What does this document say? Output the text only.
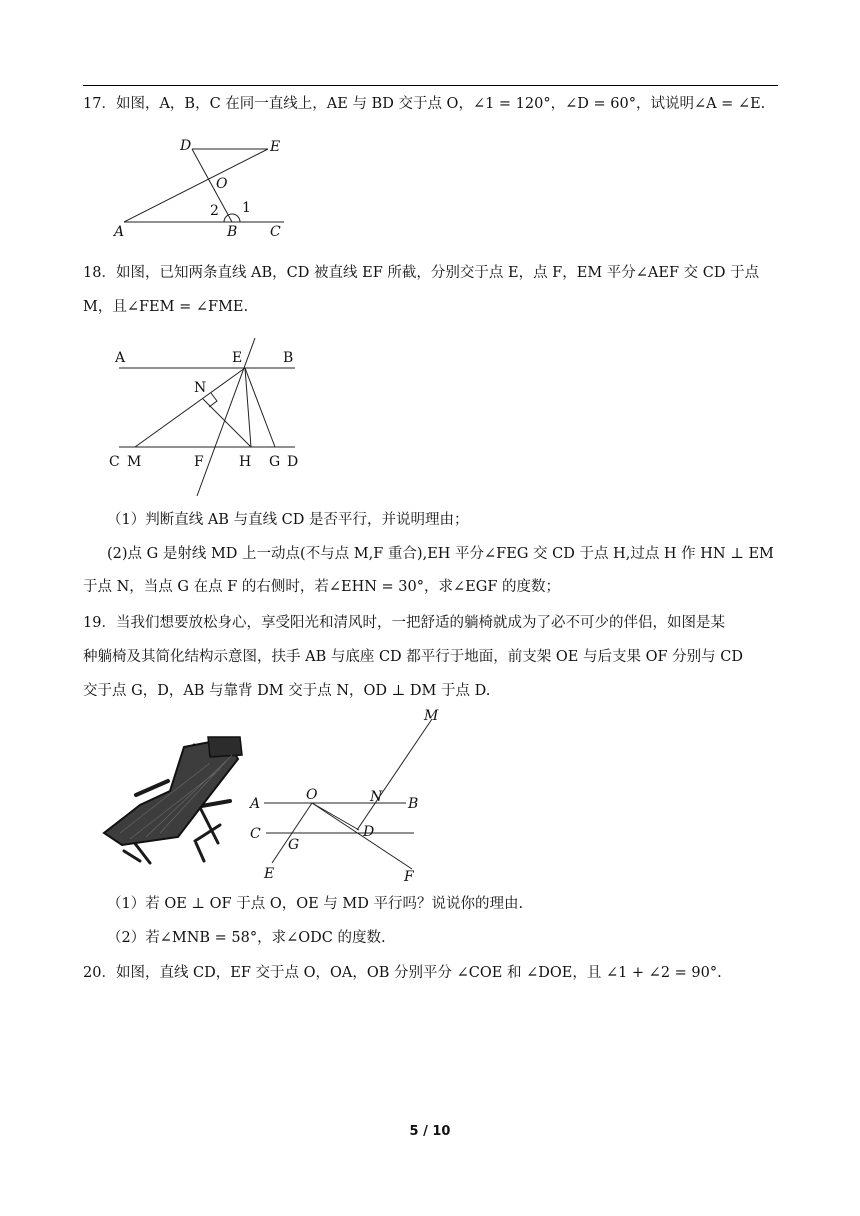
17．如图，A，B，C 在同一直线上，AE 与 BD 交于点 O，∠1 = 120°，∠D = 60°，试说明∠A = ∠E.
A	B C
D	E
O
1
2
18．如图，已知两条直线 AB，CD 被直线 EF 所截，分别交于点 E，点 F，EM 平分∠AEF 交 CD 于点
M，且∠FEM = ∠FME.
A	E	B
N
C M	F	H G D
（1）判断直线 AB 与直线 CD 是否平行，并说明理由；
(2)点 G 是射线 MD 上一动点(不与点 M,F 重合),EH 平分∠FEG 交 CD 于点 H,过点 H 作 HN ⊥ EM
于点 N，当点 G 在点 F 的右侧时，若∠EHN = 30°，求∠EGF 的度数；
19．当我们想要放松身心，享受阳光和清风时，一把舒适的躺椅就成为了必不可少的伴侣，如图是某
种躺椅及其简化结构示意图，扶手 AB 与底座 CD 都平行于地面，前支架 OE 与后支果 OF 分别与 CD
交于点 G，D，AB 与靠背 DM 交于点 N，OD ⊥ DM 于点 D.
M
A
O	N B
C	D
G
E	F
（1）若 OE ⊥ OF 于点 O，OE 与 MD 平行吗？说说你的理由.
（2）若∠MNB = 58°，求∠ODC 的度数.
20．如图，直线 CD，EF 交于点 O，OA，OB 分别平分 ∠COE 和 ∠DOE，且 ∠1 + ∠2 = 90°.
5 / 10
